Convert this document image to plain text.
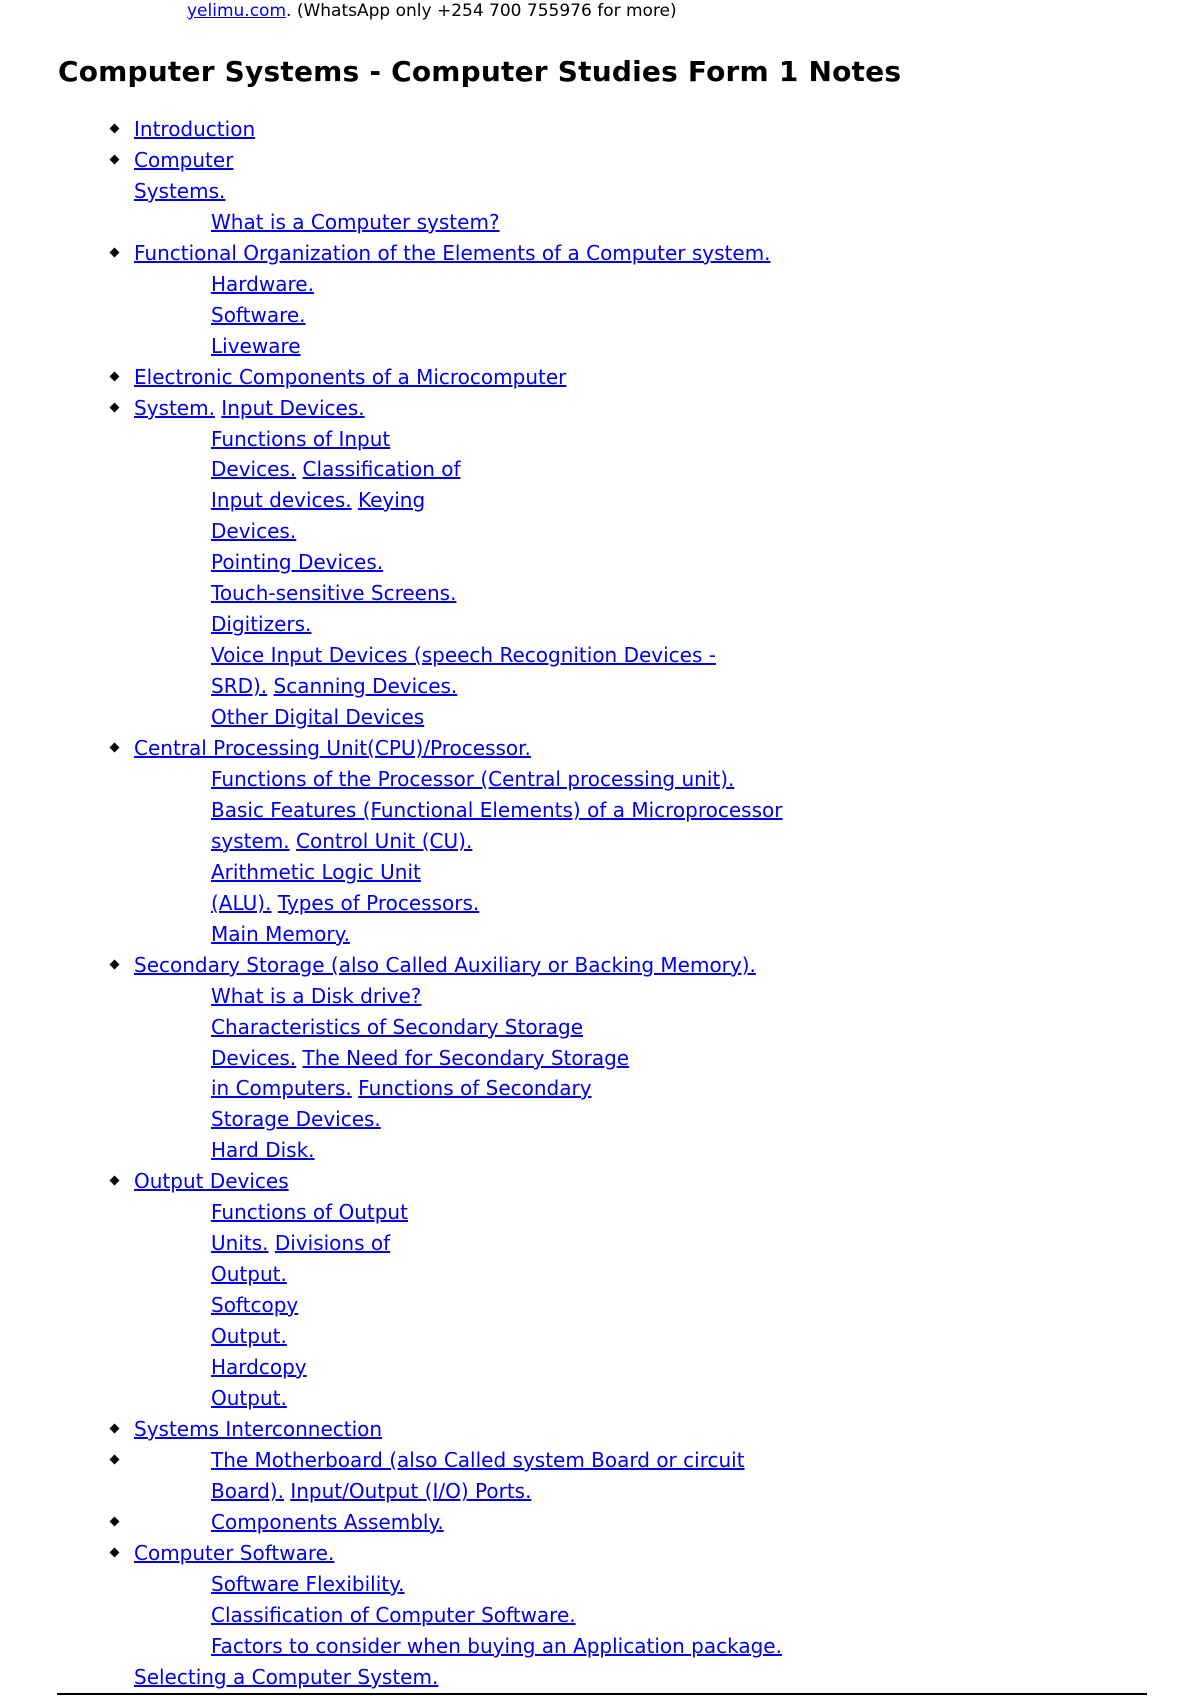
yelimu.com. (WhatsApp only +254 700 755976 for more)
Computer Systems - Computer Studies Form 1 Notes
Introduction
Computer
Systems.
What is a Computer system?
Functional Organization of the Elements of a Computer system.
Hardware.
Software.
Liveware
Electronic Components of a Microcomputer
System. Input Devices.
Functions of Input
Devices. Classification of
Input devices. Keying
Devices.
Pointing Devices.
Touch-sensitive Screens.
Digitizers.
Voice Input Devices (speech Recognition Devices -
SRD). Scanning Devices.
Other Digital Devices
Central Processing Unit(CPU)/Processor.
Functions of the Processor (Central processing unit).
Basic Features (Functional Elements) of a Microprocessor
system. Control Unit (CU).
Arithmetic Logic Unit
(ALU). Types of Processors.
Main Memory.
Secondary Storage (also Called Auxiliary or Backing Memory).
What is a Disk drive?
Characteristics of Secondary Storage
Devices. The Need for Secondary Storage
in Computers. Functions of Secondary
Storage Devices.
Hard Disk.
Output Devices
Functions of Output
Units. Divisions of
Output.
Softcopy
Output.
Hardcopy
Output.
Systems Interconnection
The Motherboard (also Called system Board or circuit
Board). Input/Output (I/O) Ports.
Components Assembly.
Computer Software.
Software Flexibility.
Classification of Computer Software.
Factors to consider when buying an Application package.
Selecting a Computer System.
